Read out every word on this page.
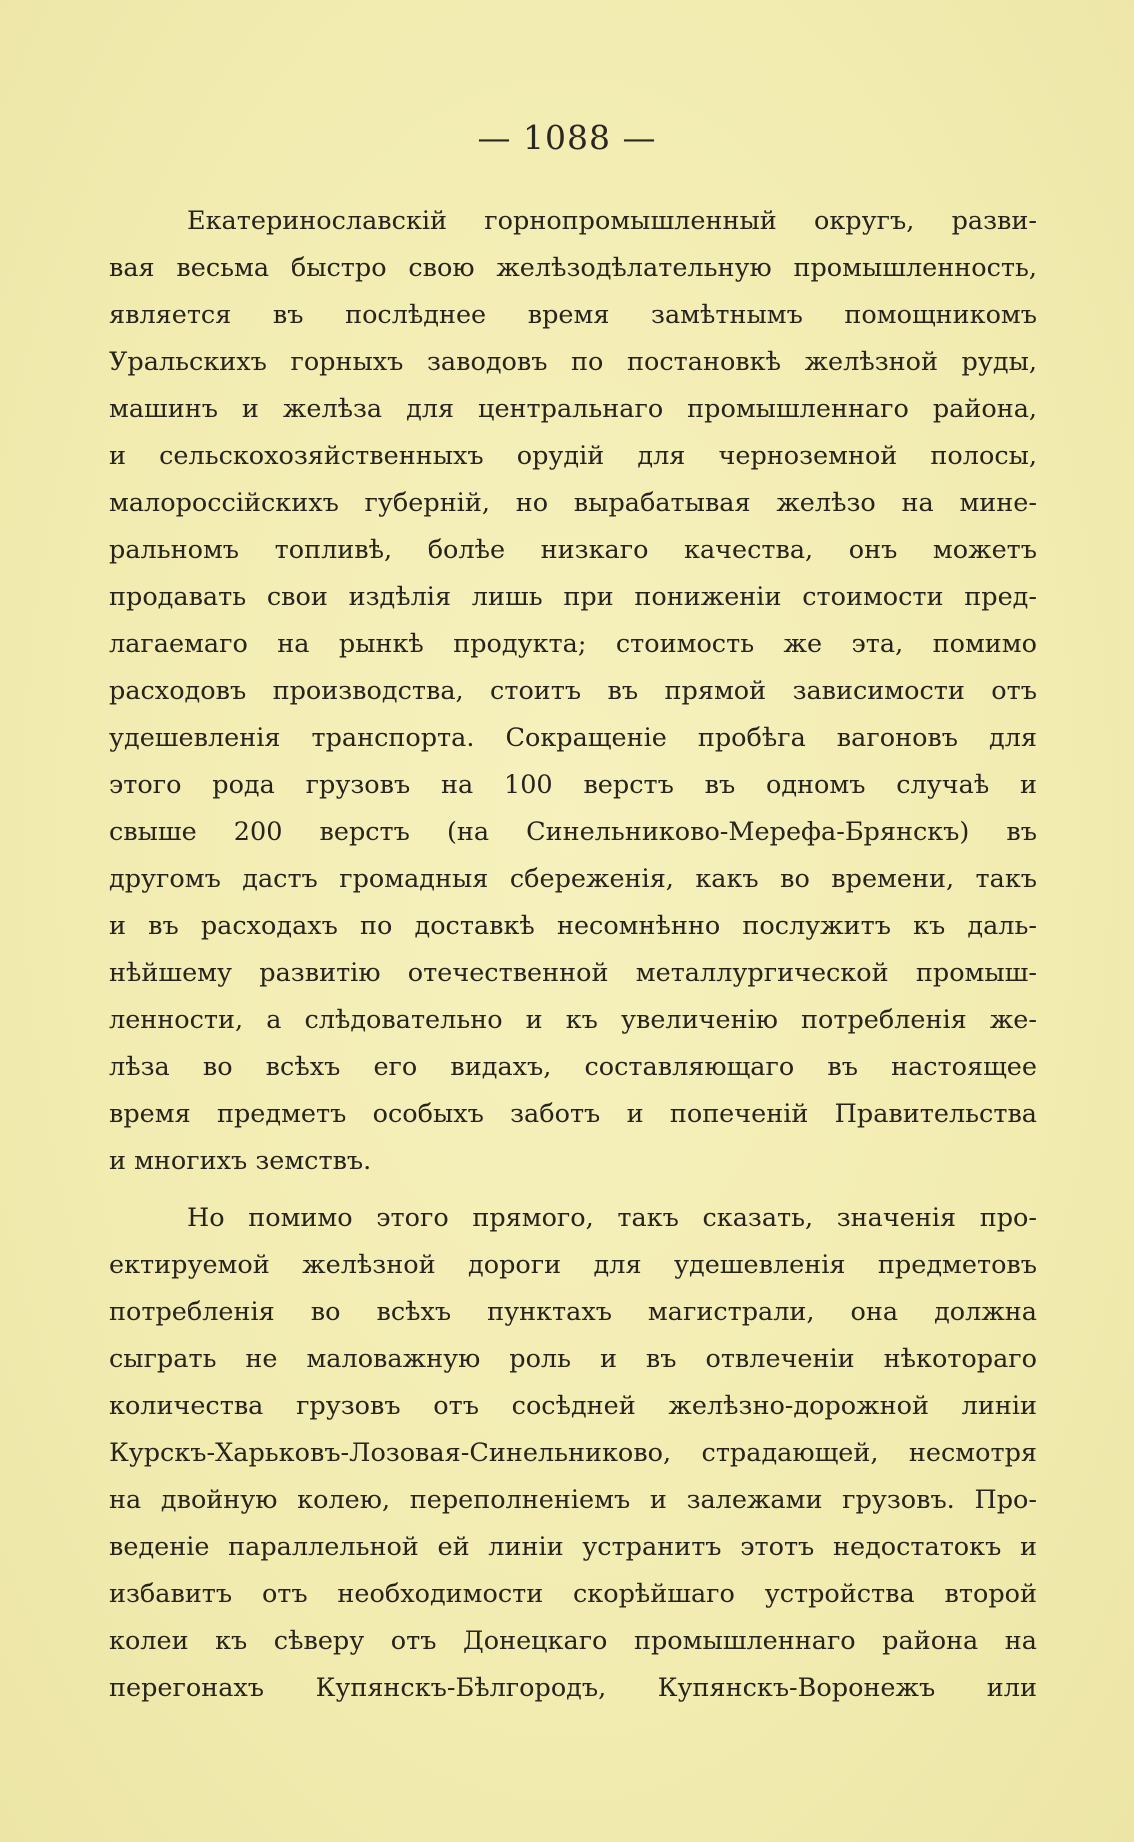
— 1088 —
Екатеринославскій горнопромышленный округъ, разви-
вая весьма быстро свою желѣзодѣлательную промышленность,
является въ послѣднее время замѣтнымъ помощникомъ
Уральскихъ горныхъ заводовъ по постановкѣ желѣзной руды,
машинъ и желѣза для центральнаго промышленнаго района,
и сельскохозяйственныхъ орудій для черноземной полосы,
малороссійскихъ губерній, но вырабатывая желѣзо на мине-
ральномъ топливѣ, болѣе низкаго качества, онъ можетъ
продавать свои издѣлія лишь при пониженіи стоимости пред-
лагаемаго на рынкѣ продукта; стоимость же эта, помимо
расходовъ производства, стоитъ въ прямой зависимости отъ
удешевленія транспорта. Сокращеніе пробѣга вагоновъ для
этого рода грузовъ на 100 верстъ въ одномъ случаѣ и
свыше 200 верстъ (на Синельниково-Мерефа-Брянскъ) въ
другомъ дастъ громадныя сбереженія, какъ во времени, такъ
и въ расходахъ по доставкѣ несомнѣнно послужитъ къ даль-
нѣйшему развитію отечественной металлургической промыш-
ленности, а слѣдовательно и къ увеличенію потребленія же-
лѣза во всѣхъ его видахъ, составляющаго въ настоящее
время предметъ особыхъ заботъ и попеченій Правительства
и многихъ земствъ.
Но помимо этого прямого, такъ сказать, значенія про-
ектируемой желѣзной дороги для удешевленія предметовъ
потребленія во всѣхъ пунктахъ магистрали, она должна
сыграть не маловажную роль и въ отвлеченіи нѣкотораго
количества грузовъ отъ сосѣдней желѣзно-дорожной линіи
Курскъ-Харьковъ-Лозовая-Синельниково, страдающей, несмотря
на двойную колею, переполненіемъ и залежами грузовъ. Про-
веденіе параллельной ей линіи устранитъ этотъ недостатокъ и
избавитъ отъ необходимости скорѣйшаго устройства второй
колеи къ сѣверу отъ Донецкаго промышленнаго района на
перегонахъ Купянскъ-Бѣлгородъ, Купянскъ-Воронежъ или
